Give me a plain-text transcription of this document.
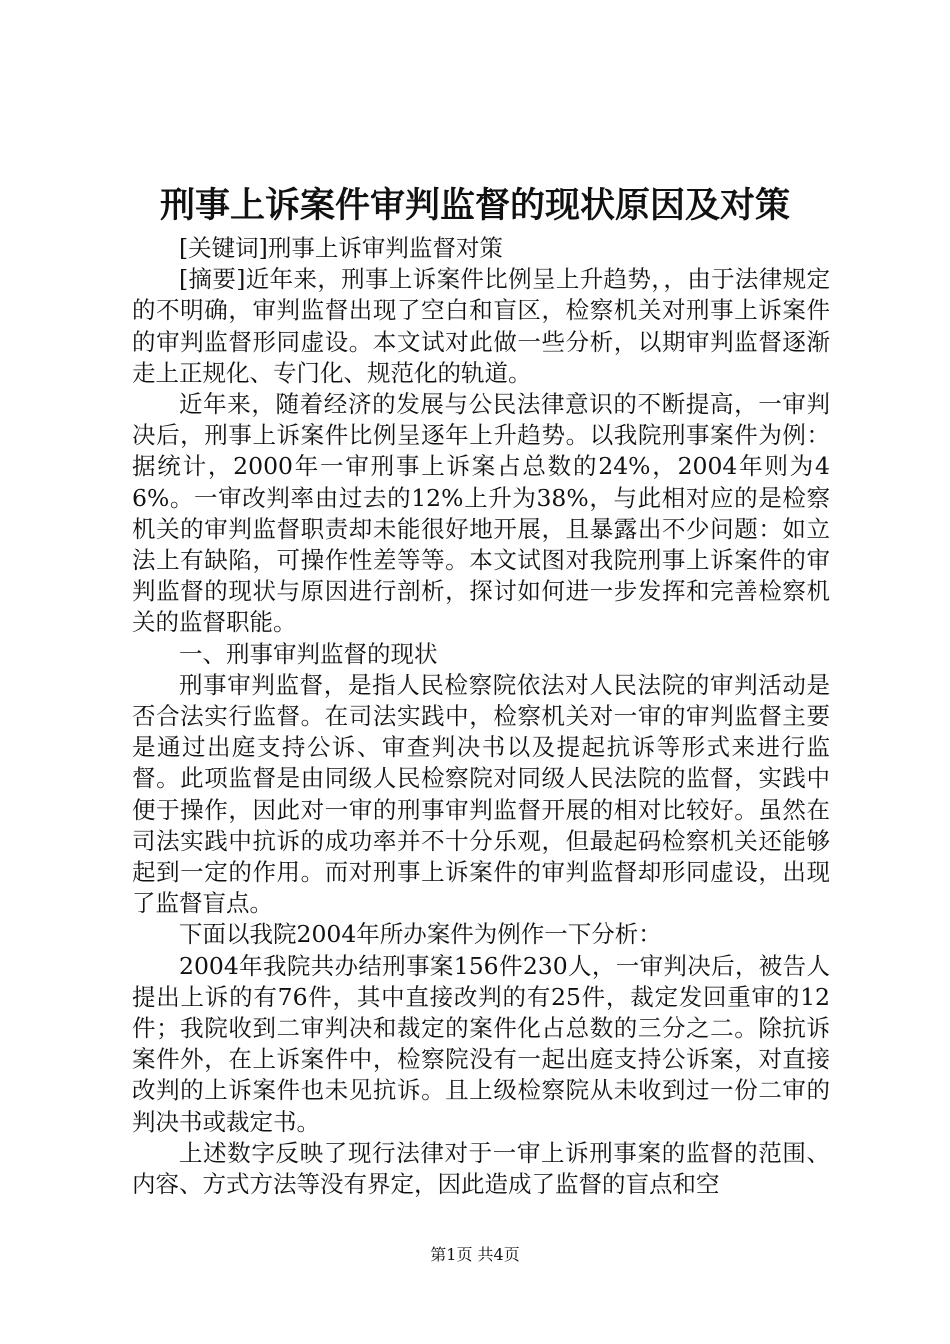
刑事上诉案件审判监督的现状原因及对策

[关键词]刑事上诉审判监督对策

[摘要]近年来，刑事上诉案件比例呈上升趋势，，由于法律规定的不明确，审判监督出现了空白和盲区，检察机关对刑事上诉案件的审判监督形同虚设。本文试对此做一些分析，以期审判监督逐渐走上正规化、专门化、规范化的轨道。

近年来，随着经济的发展与公民法律意识的不断提高，一审判决后，刑事上诉案件比例呈逐年上升趋势。以我院刑事案件为例：据统计，2000年一审刑事上诉案占总数的24%，2004年则为46%。一审改判率由过去的12%上升为38%，与此相对应的是检察机关的审判监督职责却未能很好地开展，且暴露出不少问题：如立法上有缺陷，可操作性差等等。本文试图对我院刑事上诉案件的审判监督的现状与原因进行剖析，探讨如何进一步发挥和完善检察机关的监督职能。

一、刑事审判监督的现状

刑事审判监督，是指人民检察院依法对人民法院的审判活动是否合法实行监督。在司法实践中，检察机关对一审的审判监督主要是通过出庭支持公诉、审查判决书以及提起抗诉等形式来进行监督。此项监督是由同级人民检察院对同级人民法院的监督，实践中便于操作，因此对一审的刑事审判监督开展的相对比较好。虽然在司法实践中抗诉的成功率并不十分乐观，但最起码检察机关还能够起到一定的作用。而对刑事上诉案件的审判监督却形同虚设，出现了监督盲点。

下面以我院2004年所办案件为例作一下分析：

2004年我院共办结刑事案156件230人，一审判决后，被告人提出上诉的有76件，其中直接改判的有25件，裁定发回重审的12件；我院收到二审判决和裁定的案件化占总数的三分之二。除抗诉案件外，在上诉案件中，检察院没有一起出庭支持公诉案，对直接改判的上诉案件也未见抗诉。且上级检察院从未收到过一份二审的判决书或裁定书。

上述数字反映了现行法律对于一审上诉刑事案的监督的范围、内容、方式方法等没有界定，因此造成了监督的盲点和空

第1页 共4页
